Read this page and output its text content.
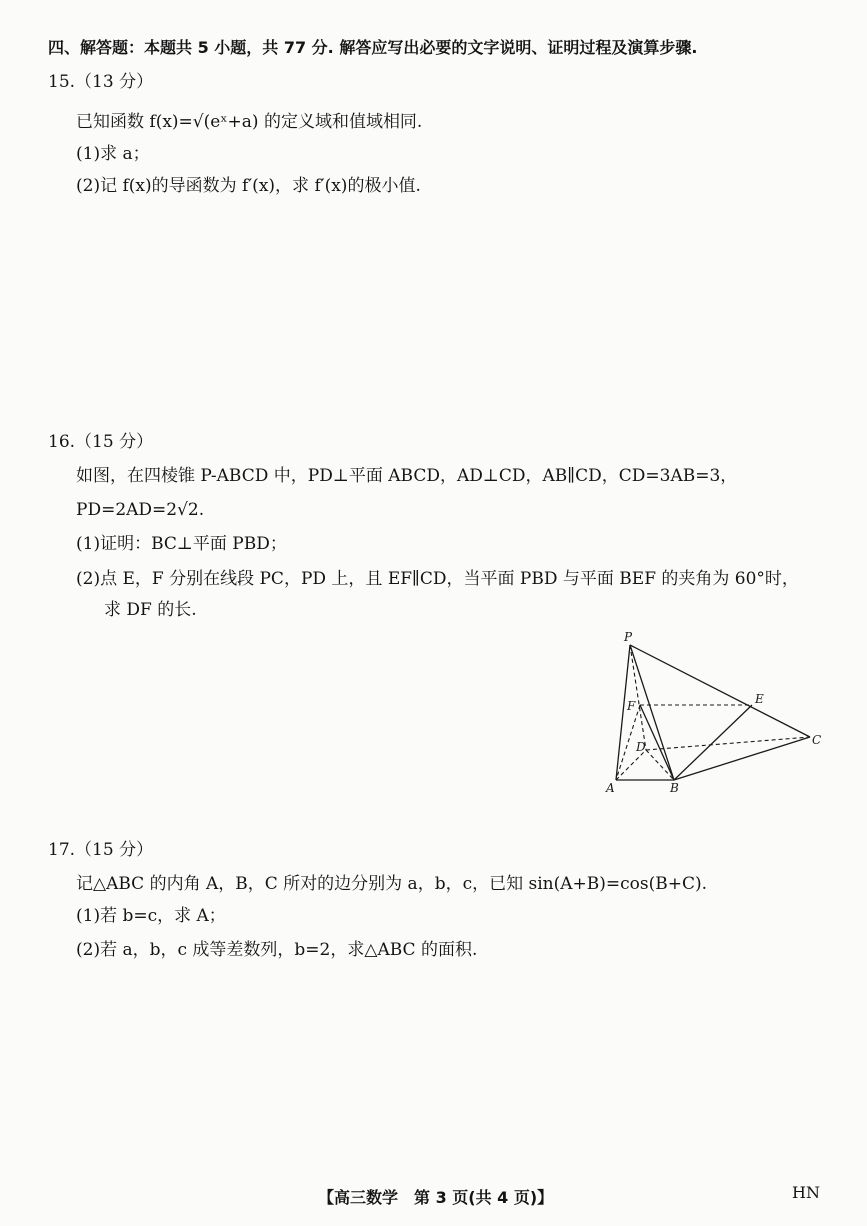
四、解答题：本题共 5 小题，共 77 分. 解答应写出必要的文字说明、证明过程及演算步骤.
15.（13 分）
已知函数 f(x)=√(eˣ+a) 的定义域和值域相同.
(1)求 a；
(2)记 f(x)的导函数为 f′(x)，求 f′(x)的极小值.
16.（15 分）
如图，在四棱锥 P-ABCD 中，PD⊥平面 ABCD，AD⊥CD，AB∥CD，CD=3AB=3，
PD=2AD=2√2.
(1)证明：BC⊥平面 PBD；
(2)点 E，F 分别在线段 PC，PD 上，且 EF∥CD，当平面 PBD 与平面 BEF 的夹角为 60°时，
求 DF 的长.
P
E
F
D	C
A	B
17.（15 分）
记△ABC 的内角 A，B，C 所对的边分别为 a，b，c，已知 sin(A+B)=cos(B+C).
(1)若 b=c，求 A；
(2)若 a，b，c 成等差数列，b=2，求△ABC 的面积.
【高三数学　第 3 页(共 4 页)】	HN
